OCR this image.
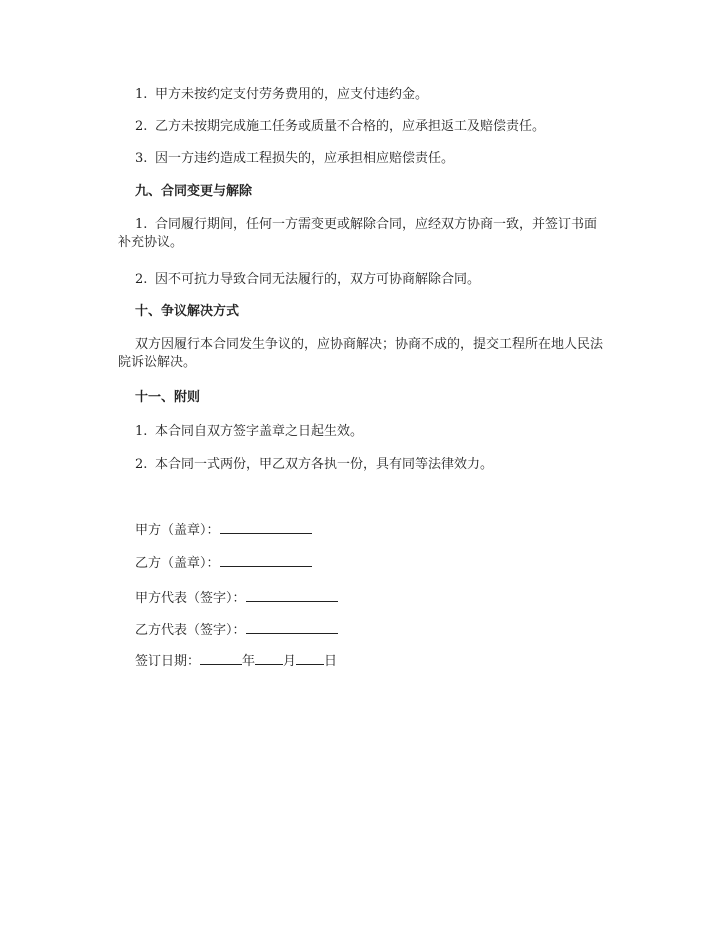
1. 甲方未按约定支付劳务费用的，应支付违约金。
2. 乙方未按期完成施工任务或质量不合格的，应承担返工及赔偿责任。
3. 因一方违约造成工程损失的，应承担相应赔偿责任。
九、合同变更与解除
1. 合同履行期间，任何一方需变更或解除合同，应经双方协商一致，并签订书面补充协议。
2. 因不可抗力导致合同无法履行的，双方可协商解除合同。
十、争议解决方式
双方因履行本合同发生争议的，应协商解决；协商不成的，提交工程所在地人民法院诉讼解决。
十一、附则
1. 本合同自双方签字盖章之日起生效。
2. 本合同一式两份，甲乙双方各执一份，具有同等法律效力。
甲方（盖章）：
乙方（盖章）：
甲方代表（签字）：
乙方代表（签字）：
签订日期：	年 月 日
